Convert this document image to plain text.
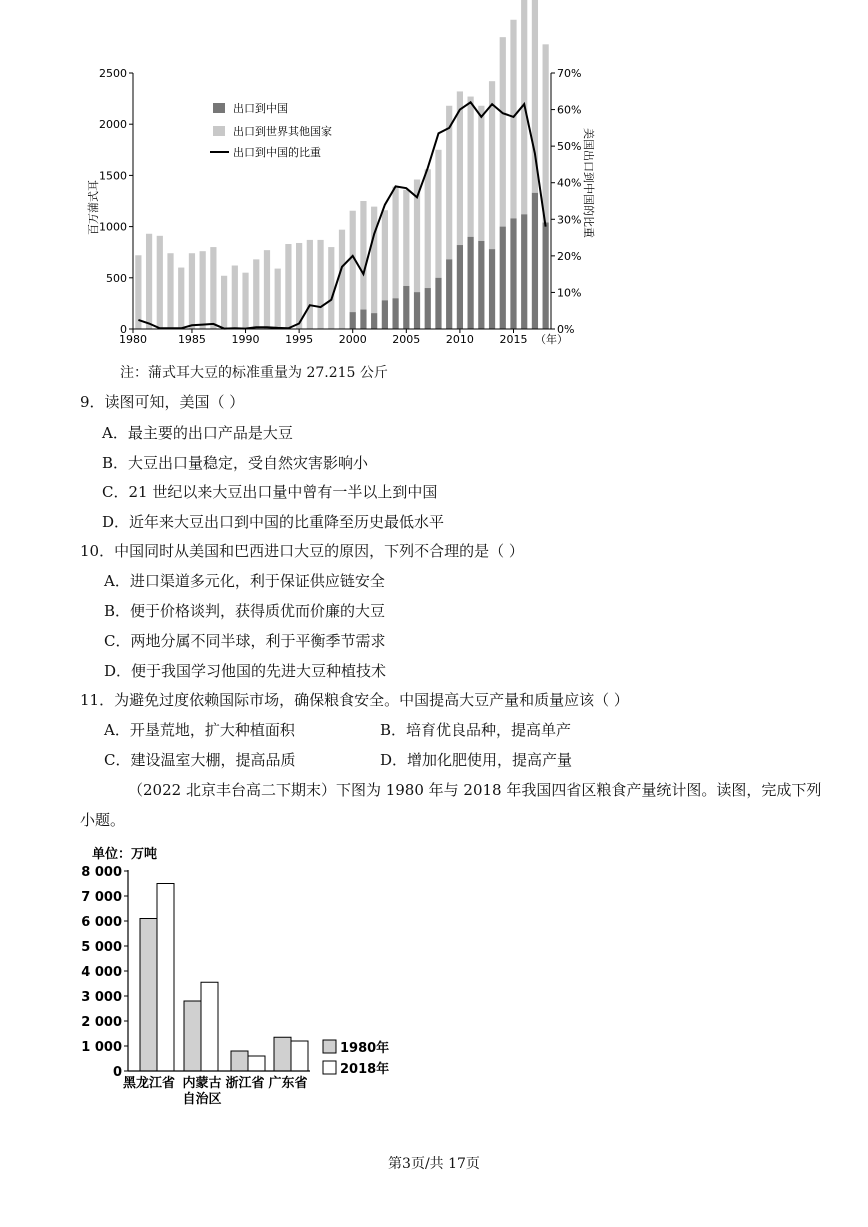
2500
2000
1500
1000
500
0
70%
60%
50%
40%
30%
20%
10%
0%
1980	1985 1990 1995 2000 2005 2010 2015
出口到中国
出口到世界其他国家
出口到中国的比重
百万蒲式耳	美国出口到中国的比重
（年）
注：蒲式耳大豆的标准重量为 27.215 公斤
9．读图可知，美国（ ）
A．最主要的出口产品是大豆
B．大豆出口量稳定，受自然灾害影响小
C．21 世纪以来大豆出口量中曾有一半以上到中国
D．近年来大豆出口到中国的比重降至历史最低水平
10．中国同时从美国和巴西进口大豆的原因，下列不合理的是（ ）
A．进口渠道多元化，利于保证供应链安全
B．便于价格谈判，获得质优而价廉的大豆
C．两地分属不同半球，利于平衡季节需求
D．便于我国学习他国的先进大豆种植技术
11．为避免过度依赖国际市场，确保粮食安全。中国提高大豆产量和质量应该（ ）
A．开垦荒地，扩大种植面积	B．培育优良品种，提高单产
C．建设温室大棚，提高品质	D．增加化肥使用，提高产量
（2022 北京丰台高二下期末）下图为 1980 年与 2018 年我国四省区粮食产量统计图。读图，完成下列
小题。
单位：万吨
8 000
7 000
6 000
5 000
4 000
3 000
2 000
1 000
0
黑龙江省 内蒙古
自治区
浙江省 广东省
1980年
2018年
第3页/共 17页
